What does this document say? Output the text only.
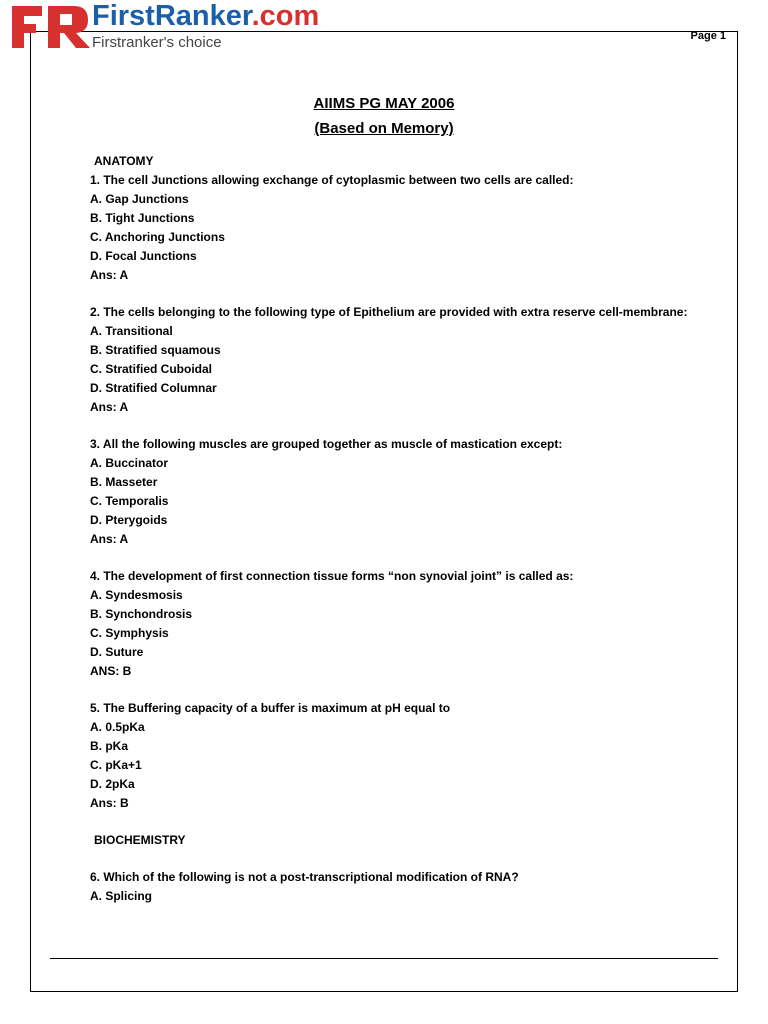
FirstRanker.com
Firstranker's choice	Page 1
AIIMS PG MAY 2006
(Based on Memory)
ANATOMY
1. The cell Junctions allowing exchange of cytoplasmic between two cells are called:
A. Gap Junctions
B. Tight Junctions
C. Anchoring Junctions
D. Focal Junctions
Ans: A
2. The cells belonging to the following type of Epithelium are provided with extra reserve cell-membrane:
A. Transitional
B. Stratified squamous
C. Stratified Cuboidal
D. Stratified Columnar
Ans: A
3. All the following muscles are grouped together as muscle of mastication except:
A. Buccinator
B. Masseter
C. Temporalis
D. Pterygoids
Ans: A
4. The development of first connection tissue forms “non synovial joint” is called as:
A. Syndesmosis
B. Synchondrosis
C. Symphysis
D. Suture
ANS: B
5. The Buffering capacity of a buffer is maximum at pH equal to
A. 0.5pKa
B. pKa
C. pKa+1
D. 2pKa
Ans: B
BIOCHEMISTRY
6. Which of the following is not a post-transcriptional modification of RNA?
A. Splicing
